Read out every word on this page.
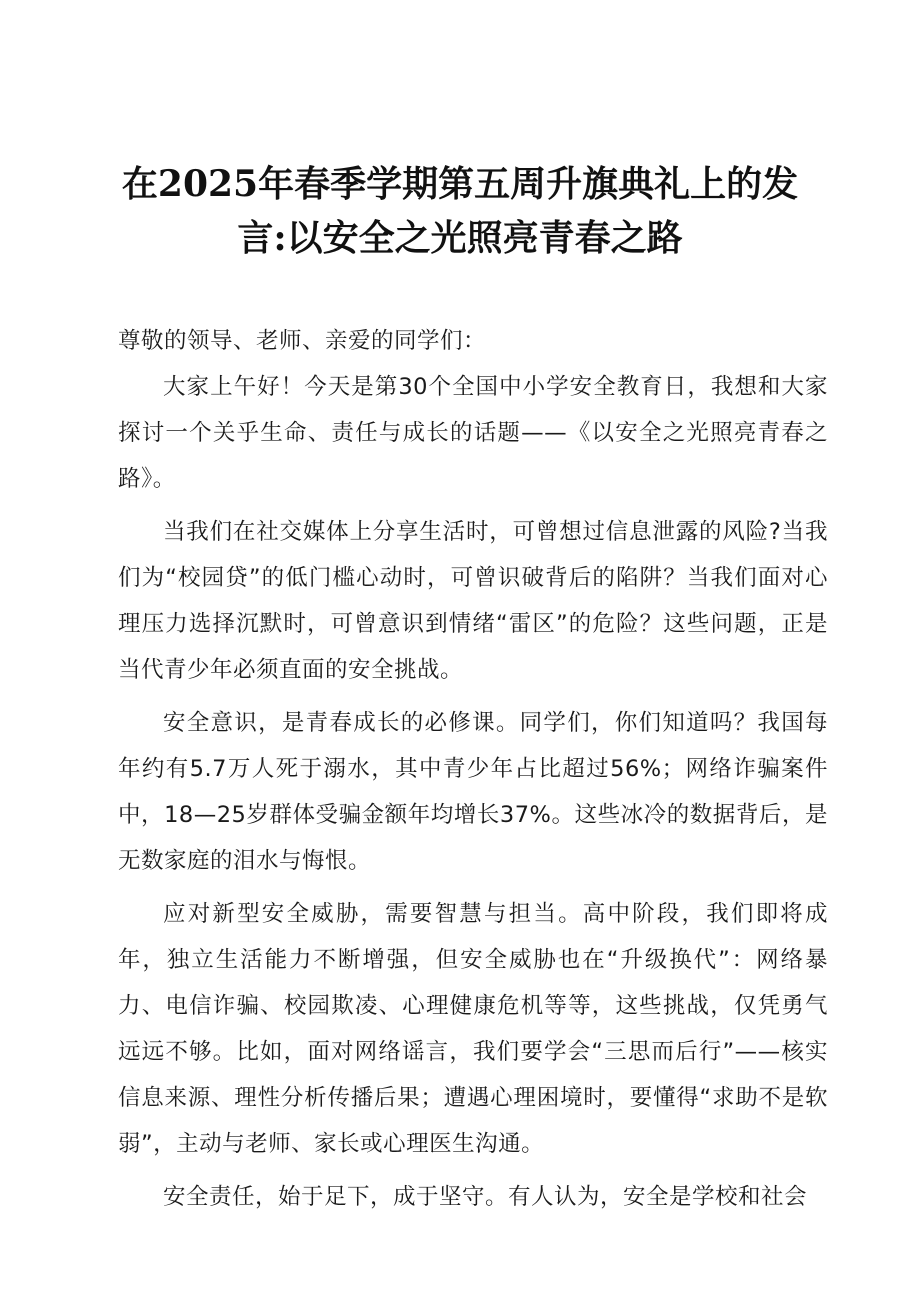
在2025年春季学期第五周升旗典礼上的发
言:以安全之光照亮青春之路

尊敬的领导、老师、亲爱的同学们：

大家上午好！今天是第30个全国中小学安全教育日，我想和大家探讨一个关乎生命、责任与成长的话题——《以安全之光照亮青春之路》。

当我们在社交媒体上分享生活时，可曾想过信息泄露的风险?当我们为“校园贷”的低门槛心动时，可曾识破背后的陷阱？当我们面对心理压力选择沉默时，可曾意识到情绪“雷区”的危险？这些问题，正是当代青少年必须直面的安全挑战。

安全意识，是青春成长的必修课。同学们，你们知道吗？我国每年约有5.7万人死于溺水，其中青少年占比超过56%；网络诈骗案件中，18—25岁群体受骗金额年均增长37%。这些冰冷的数据背后，是无数家庭的泪水与悔恨。

应对新型安全威胁，需要智慧与担当。高中阶段，我们即将成年，独立生活能力不断增强，但安全威胁也在“升级换代”：网络暴力、电信诈骗、校园欺凌、心理健康危机等等，这些挑战，仅凭勇气远远不够。比如，面对网络谣言，我们要学会“三思而后行”——核实信息来源、理性分析传播后果；遭遇心理困境时，要懂得“求助不是软弱”，主动与老师、家长或心理医生沟通。

安全责任，始于足下，成于坚守。有人认为，安全是学校和社会
